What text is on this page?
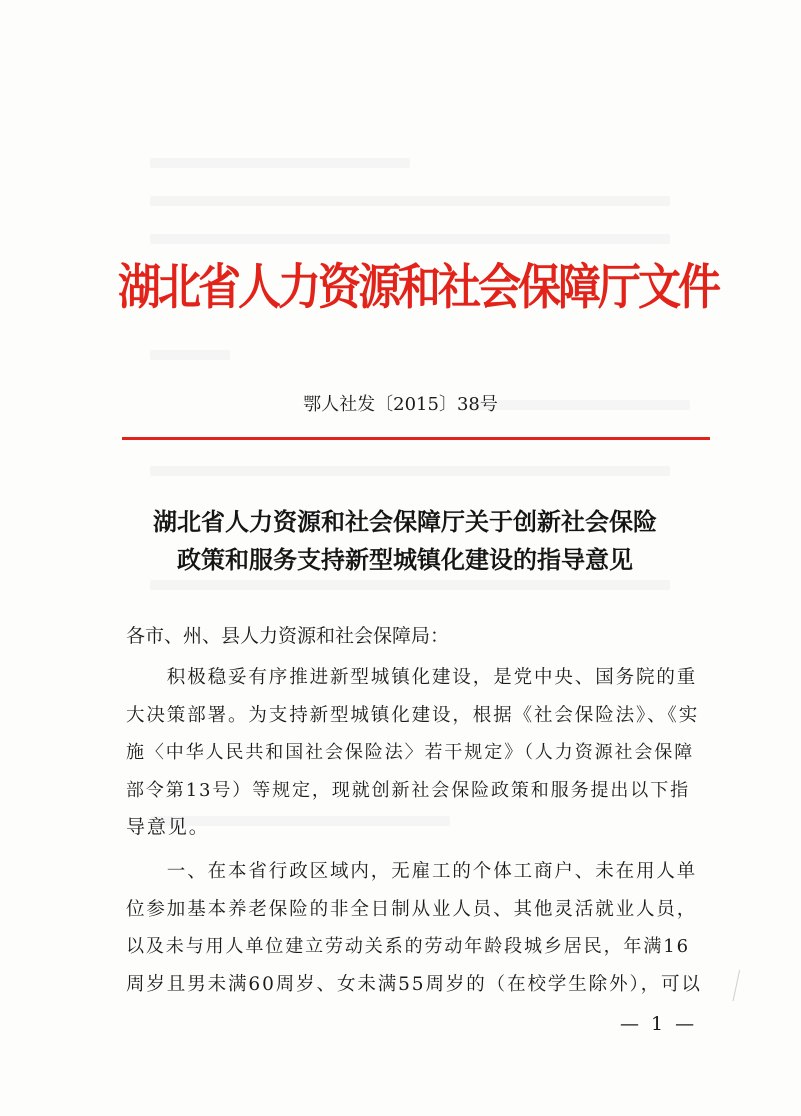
湖北省人力资源和社会保障厅文件
鄂人社发〔2015〕38号
湖北省人力资源和社会保障厅关于创新社会保险
政策和服务支持新型城镇化建设的指导意见
各市、州、县人力资源和社会保障局：
　　积极稳妥有序推进新型城镇化建设，是党中央、国务院的重
大决策部署。为支持新型城镇化建设，根据《社会保险法》、《实
施〈中华人民共和国社会保险法〉若干规定》（人力资源社会保障
部令第13号）等规定，现就创新社会保险政策和服务提出以下指
导意见。
　　一、在本省行政区域内，无雇工的个体工商户、未在用人单
位参加基本养老保险的非全日制从业人员、其他灵活就业人员，
以及未与用人单位建立劳动关系的劳动年龄段城乡居民，年满16
周岁且男未满60周岁、女未满55周岁的（在校学生除外），可以
— 1 —
